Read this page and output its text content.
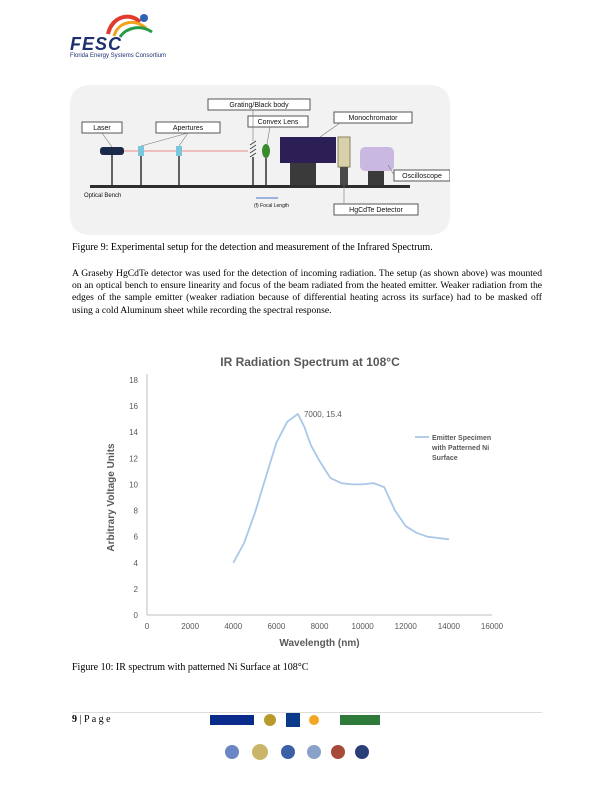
FESC
Florida Energy Systems Consortium
Grating/Black body
Convex Lens
Monochromator
Laser	Apertures
Oscilloscope
HgCdTe Detector
Optical Bench
(f) Focal Length
Figure 9: Experimental setup for the detection and measurement of the Infrared Spectrum.
A Graseby HgCdTe detector was used for the detection of incoming radiation. The setup (as shown above) was mounted on an optical bench to ensure linearity and focus of the beam radiated from the heated emitter. Weaker radiation from the edges of the sample emitter (weaker radiation because of differential heating across its surface) had to be masked off using a cold Aluminum sheet while recording the spectral response.
IR Radiation Spectrum at 108°C
0
2
4
6
8
10
12
14
16
18
0	2000	4000	6000	8000	10000	12000	14000	16000
Wavelength (nm)
Arbitrary Voltage Units
Emitter Specimen with Patterned Ni Surface
7000, 15.4
Figure 10: IR spectrum with patterned Ni Surface at 108°C
9 | P a g e
